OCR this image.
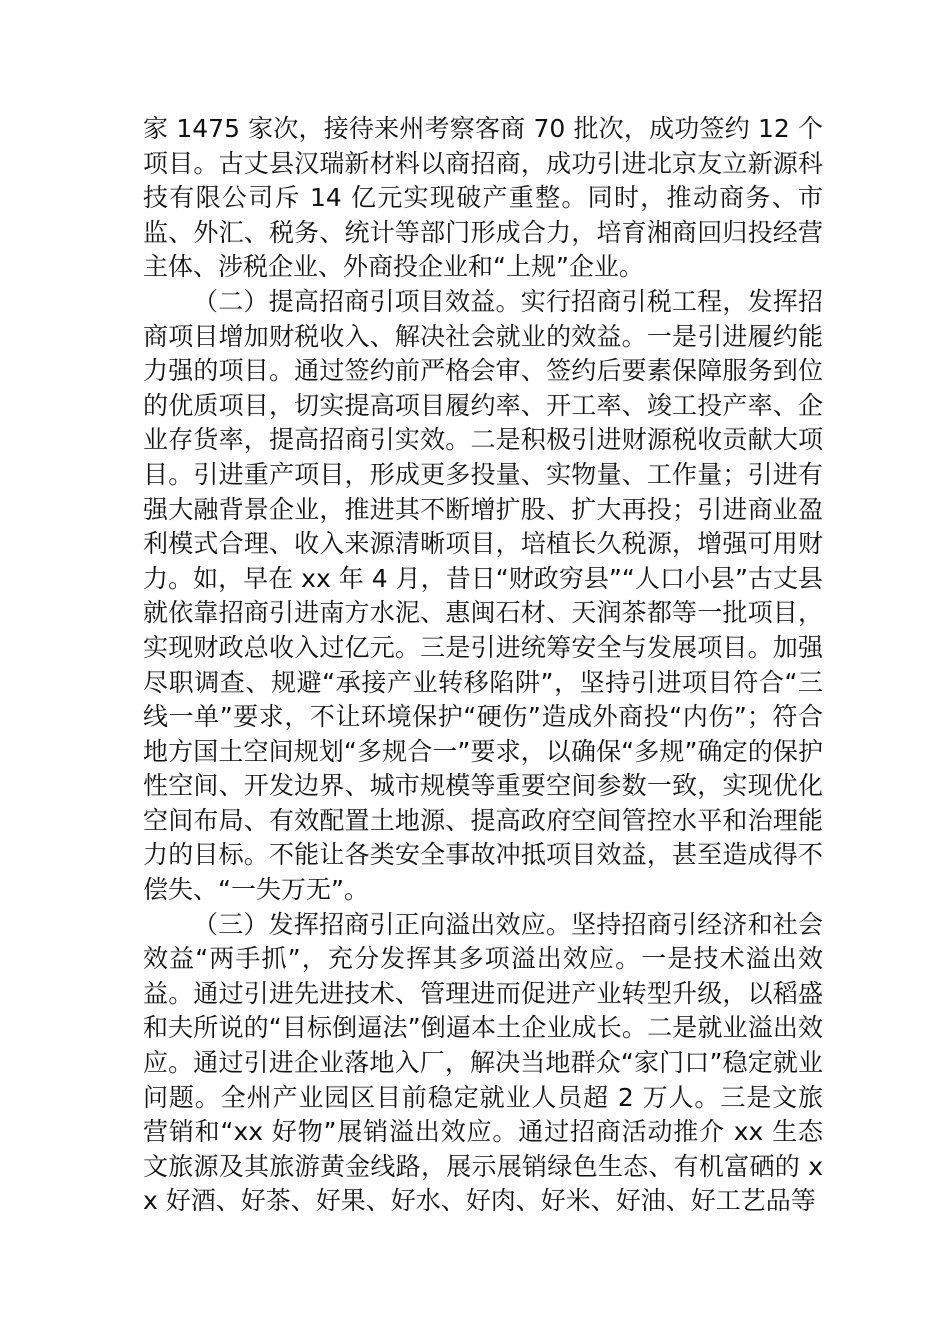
家 1475 家次，接待来州考察客商 70 批次，成功签约 12 个项目。古丈县汉瑞新材料以商招商，成功引进北京友立新源科技有限公司斥 14 亿元实现破产重整。同时，推动商务、市监、外汇、税务、统计等部门形成合力，培育湘商回归投经营主体、涉税企业、外商投企业和“上规”企业。

（二）提高招商引项目效益。实行招商引税工程，发挥招商项目增加财税收入、解决社会就业的效益。一是引进履约能力强的项目。通过签约前严格会审、签约后要素保障服务到位的优质项目，切实提高项目履约率、开工率、竣工投产率、企业存货率，提高招商引实效。二是积极引进财源税收贡献大项目。引进重产项目，形成更多投量、实物量、工作量；引进有强大融背景企业，推进其不断增扩股、扩大再投；引进商业盈利模式合理、收入来源清晰项目，培植长久税源，增强可用财力。如，早在 xx 年 4 月，昔日“财政穷县”“人口小县”古丈县就依靠招商引进南方水泥、惠闽石材、天润茶都等一批项目，实现财政总收入过亿元。三是引进统筹安全与发展项目。加强尽职调查、规避“承接产业转移陷阱”，坚持引进项目符合“三线一单”要求，不让环境保护“硬伤”造成外商投“内伤”；符合地方国土空间规划“多规合一”要求，以确保“多规”确定的保护性空间、开发边界、城市规模等重要空间参数一致，实现优化空间布局、有效配置土地源、提高政府空间管控水平和治理能力的目标。不能让各类安全事故冲抵项目效益，甚至造成得不偿失、“一失万无”。

（三）发挥招商引正向溢出效应。坚持招商引经济和社会效益“两手抓”，充分发挥其多项溢出效应。一是技术溢出效益。通过引进先进技术、管理进而促进产业转型升级，以稻盛和夫所说的“目标倒逼法”倒逼本土企业成长。二是就业溢出效应。通过引进企业落地入厂，解决当地群众“家门口”稳定就业问题。全州产业园区目前稳定就业人员超 2 万人。三是文旅营销和“xx 好物”展销溢出效应。通过招商活动推介 xx 生态文旅源及其旅游黄金线路，展示展销绿色生态、有机富硒的 xx 好酒、好茶、好果、好水、好肉、好米、好油、好工艺品等
